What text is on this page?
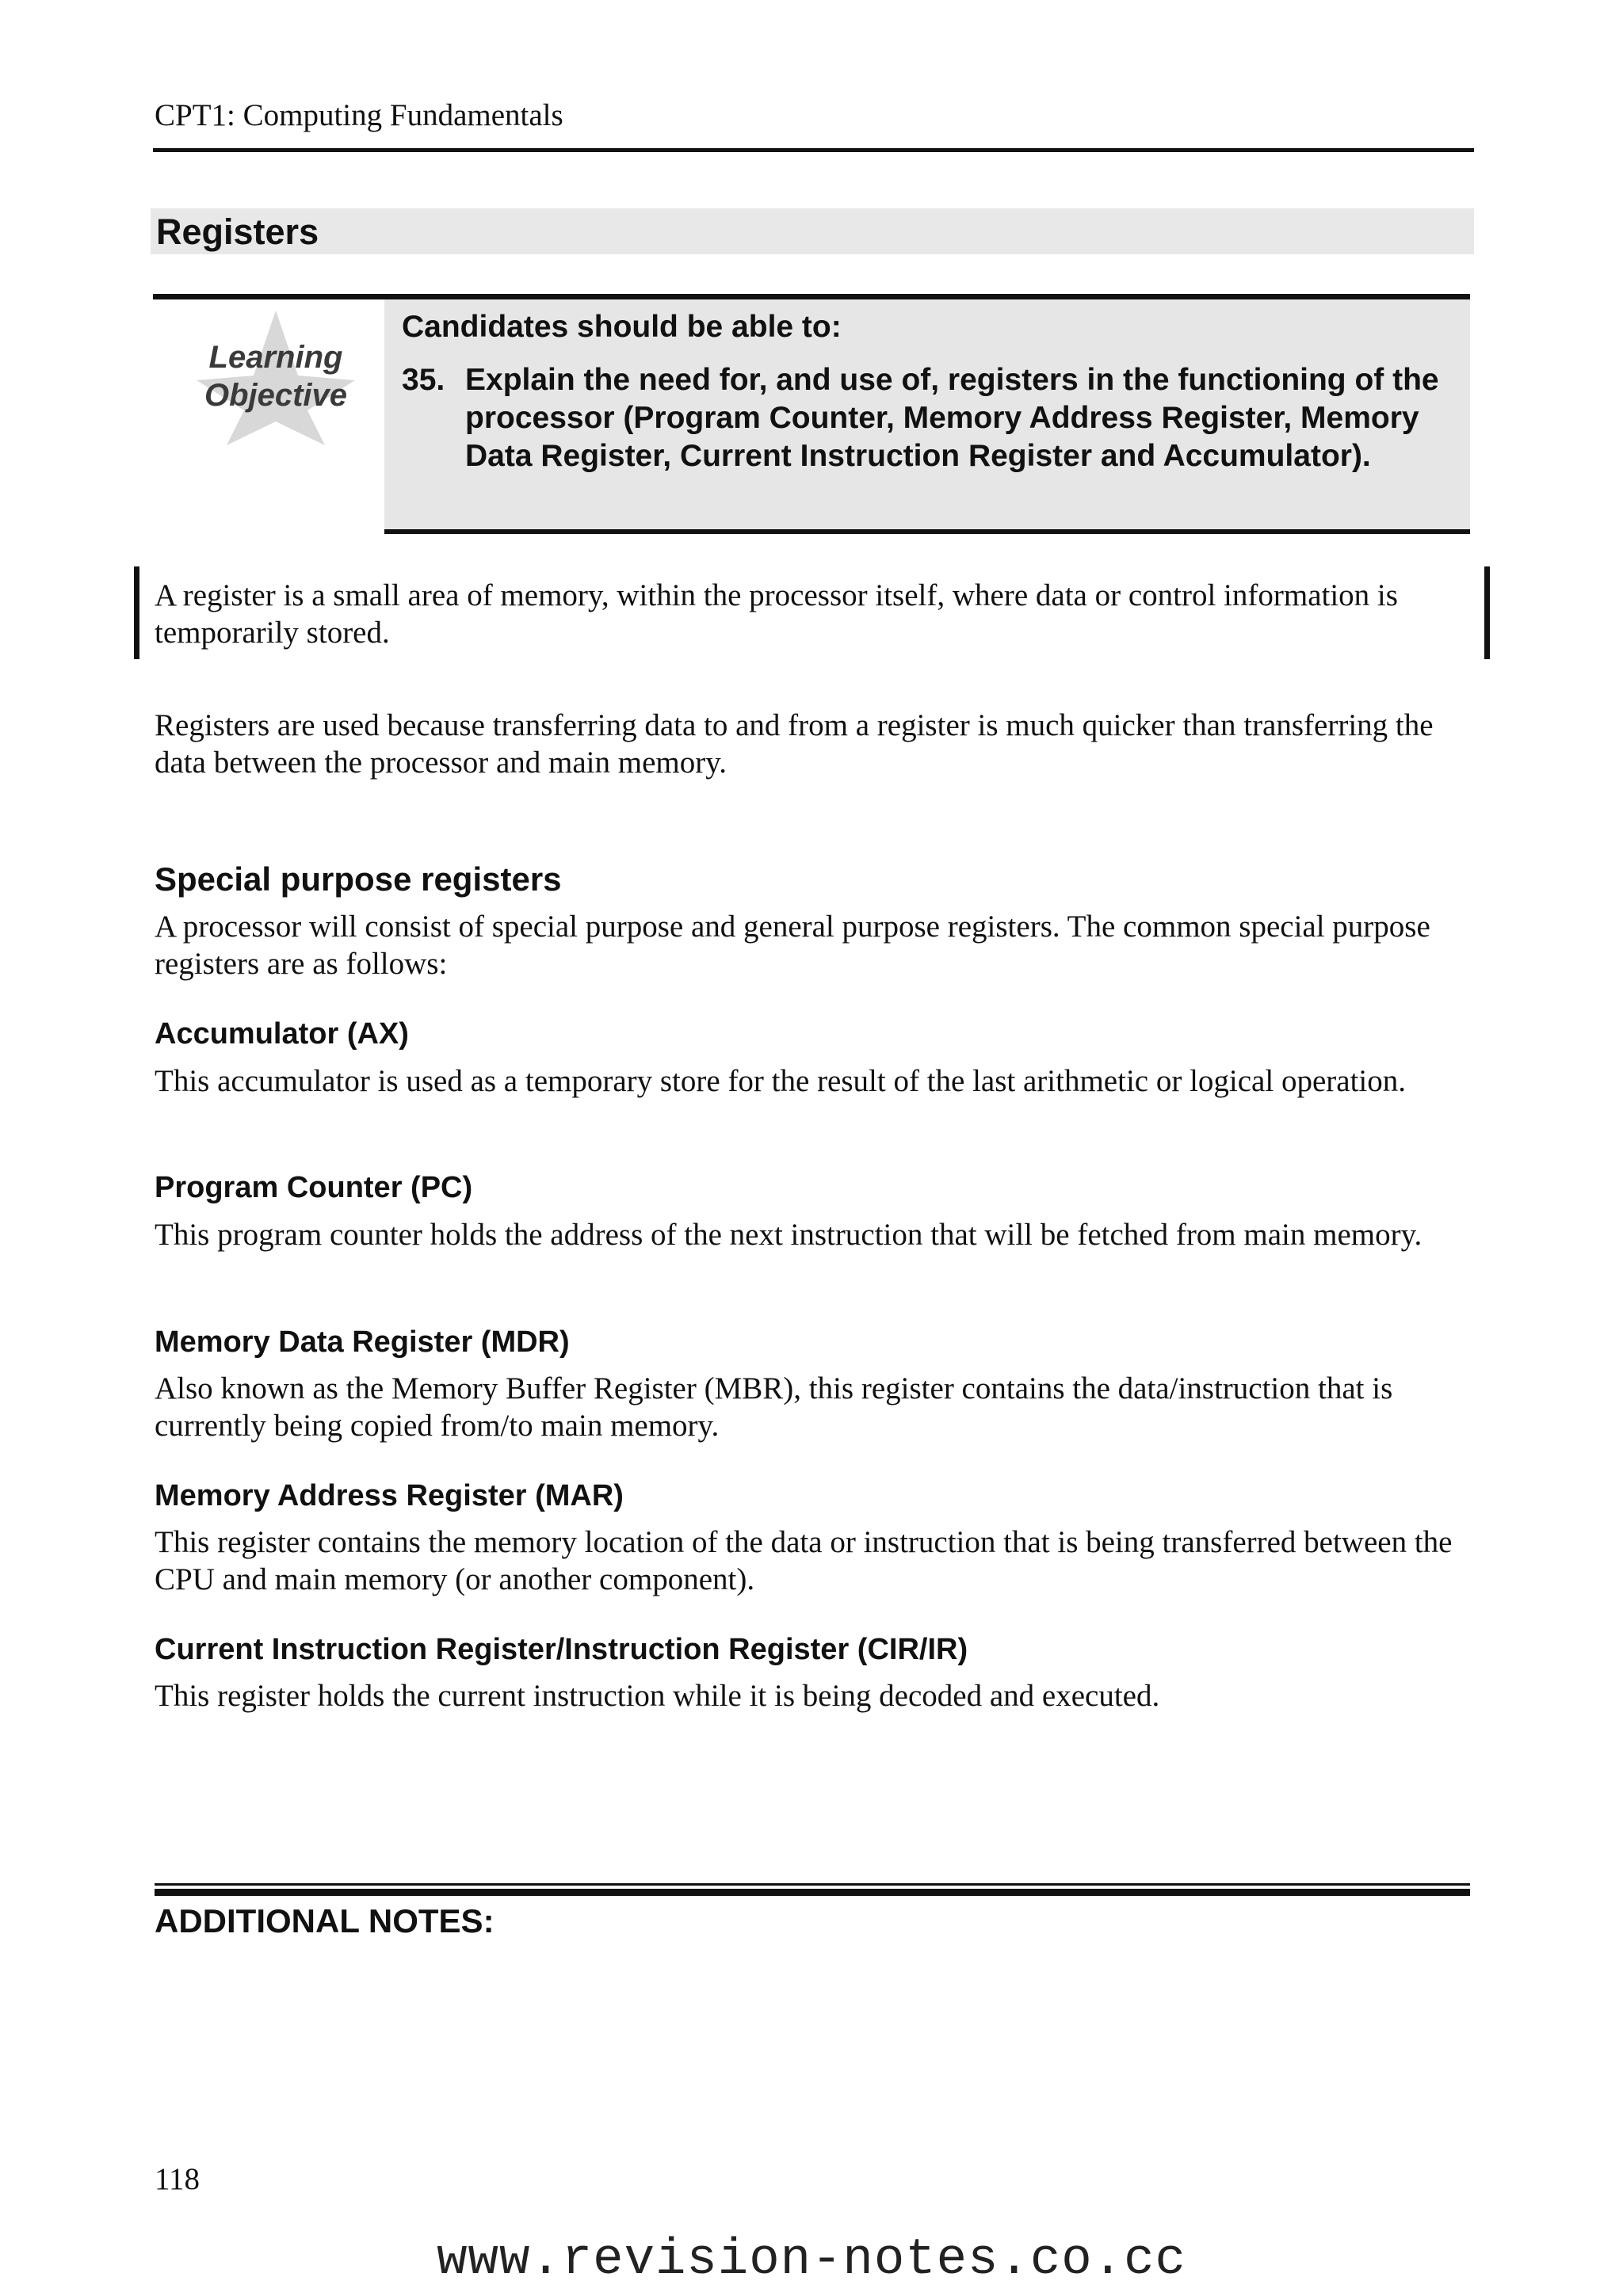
CPT1: Computing Fundamentals
Registers
Learning
Objective
Candidates should be able to:
35. Explain the need for, and use of, registers in the functioning of the processor (Program Counter, Memory Address Register, Memory Data Register, Current Instruction Register and Accumulator).
A register is a small area of memory, within the processor itself, where data or control information is temporarily stored.
Registers are used because transferring data to and from a register is much quicker than transferring the data between the processor and main memory.
Special purpose registers
A processor will consist of special purpose and general purpose registers. The common special purpose registers are as follows:
Accumulator (AX)
This accumulator is used as a temporary store for the result of the last arithmetic or logical operation.
Program Counter (PC)
This program counter holds the address of the next instruction that will be fetched from main memory.
Memory Data Register (MDR)
Also known as the Memory Buffer Register (MBR), this register contains the data/instruction that is currently being copied from/to main memory.
Memory Address Register (MAR)
This register contains the memory location of the data or instruction that is being transferred between the CPU and main memory (or another component).
Current Instruction Register/Instruction Register (CIR/IR)
This register holds the current instruction while it is being decoded and executed.
ADDITIONAL NOTES:
118
www.revision-notes.co.cc
